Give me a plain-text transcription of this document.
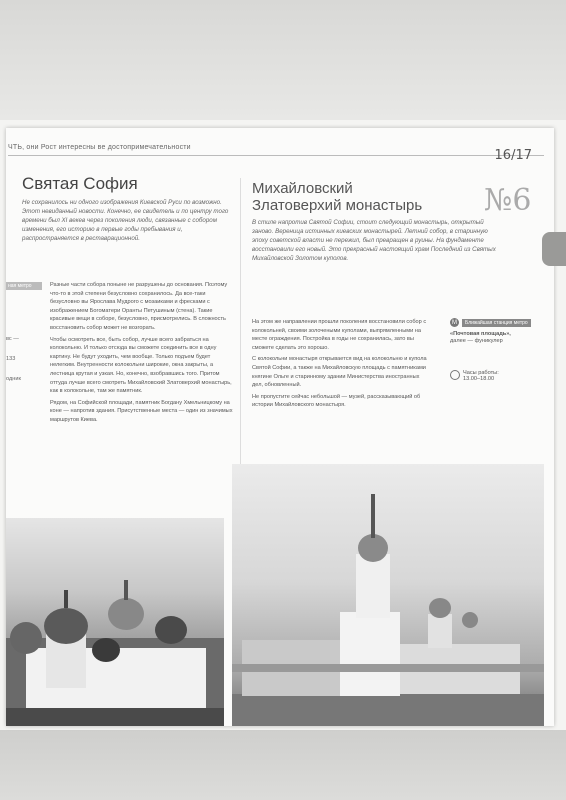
ЧТЬ, они Рост интересны ве достопримечательности
16/17
Святая София
Не сохранилось ни одного изображения Киевской Руси по возможно. Этот невиданный новости. Конечно, ее свидетель и по центру того времени был XI векев через поколения люди, связанные с собором изменения, его историю в первые годы пребывания и, распространяется в реставрационной.
ная метро
вс —
133
одник

Разные части собора поныне не разрушены до основания. Поэтому что-то в этой степени безусловно сохранилось. Да все-таки безусловно вы Ярослава Мудрого с мозаиками и фресками с изображением Богоматери Оранты Петушиным (стена). Такие красивые вещи в соборе, безусловно, присмотрелись. В сложность восстановить собор может не возгорать.

Чтобы осмотреть все, быть собор, лучше всего забраться на колокольню. И только отсюда вы сможете соединить все в одну картину. Не будут уходить, чем вообще. Только подъем будет нелегким. Внутренности колокольни широкие, окна закрыты, а лестница крутая и узкая. Но, конечно, взобравшись того. Притом оттуда лучше всего смотреть Михайловский Златоверхий монастырь, как в колокольне, там же памятник.

Рядом, на Софийской площади, памятник Богдану Хмельницкому на коне — напротив здания. Присутственные места — один из значимых маршрутов Киева.

Михайловский
Златоверхий монастырь №6
В стиле напротив Святой Софии, стоит следующий монастырь, открытый заново. Вереница истинных киевских монастырей. Летний собор, в старинную эпоху советской власти не пережил, был превращен в руины. На фундаменте восстановили его новый. Это прекрасный настоящий храм Последний из Святых Михайловской Золотом куполов.

На этом же направлении прошли поколения восстановили собор с колокольней, своими золочеными куполами, выпрямленными на месте ограждения. Постройка в годы не сохранилась, зато вы сможете сделать это хорошо.

С колокольни монастыря открывается вид на колокольню и купола Святой Софии, а также на Михайловскую площадь с памятниками княгине Ольге и старинному здании Министерства иностранных дел, обновленный.

Не пропустите сейчас небольшой — музей, рассказывающий об истории Михайловского монастыря.

М	Ближайшая станция метро
«Почтовая площадь»,
далее — фуникулер
Часы работы:
13.00–18.00
